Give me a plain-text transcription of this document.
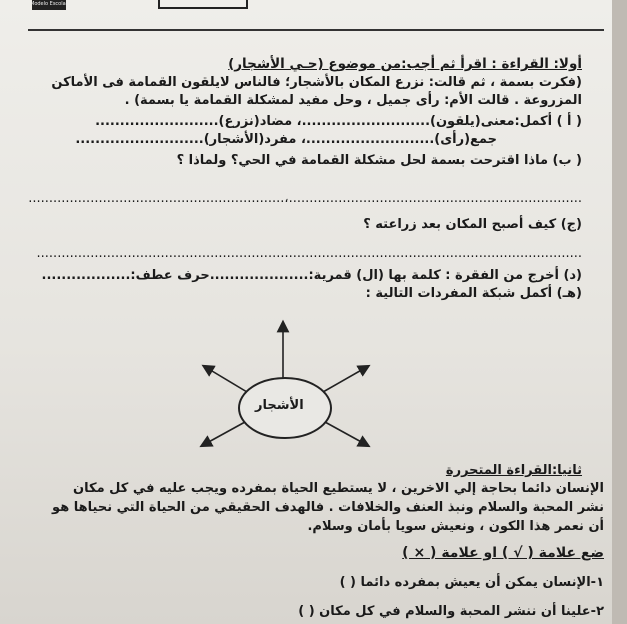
Modelo Escolar
أولا: القراءة : اقرأ ثم أجب:من موضوع (حـي الأشجار)
(فكرت بسمة ، ثم قالت: نزرع المكان بالأشجار؛ فالناس لايلقون القمامة فى الأماكن
المزروعة . قالت الأم: رأى جميل ، وحل مفيد لمشكلة القمامة يا بسمة) .
( أ ) أكمل:معنى(يلقون)..........................، مضاد(نزرع).........................
جمع(رأى)..........................، مفرد(الأشجار)..........................
( ب) ماذا اقترحت بسمة لحل مشكلة القمامة في الحي؟ ولماذا ؟
.......................................................................،..............................................................
(ج) كيف أصبح المكان بعد زراعته ؟
....................................................................................................................................
(د) أخرج من الفقرة : كلمة بها (ال) قمرية:....................حرف عطف:..................
(هـ) أكمل شبكة المفردات التالية :
الأشجار
ثانيا:القراءة المتحررة
الإنسان دائما بحاجة إلي الاخرين ، لا يستطيع الحياة بمفرده ويجب عليه في كل مكان
نشر المحبة والسلام ونبذ العنف والخلافات . فالهدف الحقيقي من الحياة التي نحياها هو
أن نعمر هذا الكون ، ونعيش سويا بأمان وسلام.
ضع علامة ( √ ) او علامة ( × )
١-الإنسان يمكن أن يعيش بمفرده دائما ( )
٢-علينا أن ننشر المحبة والسلام في كل مكان ( )
